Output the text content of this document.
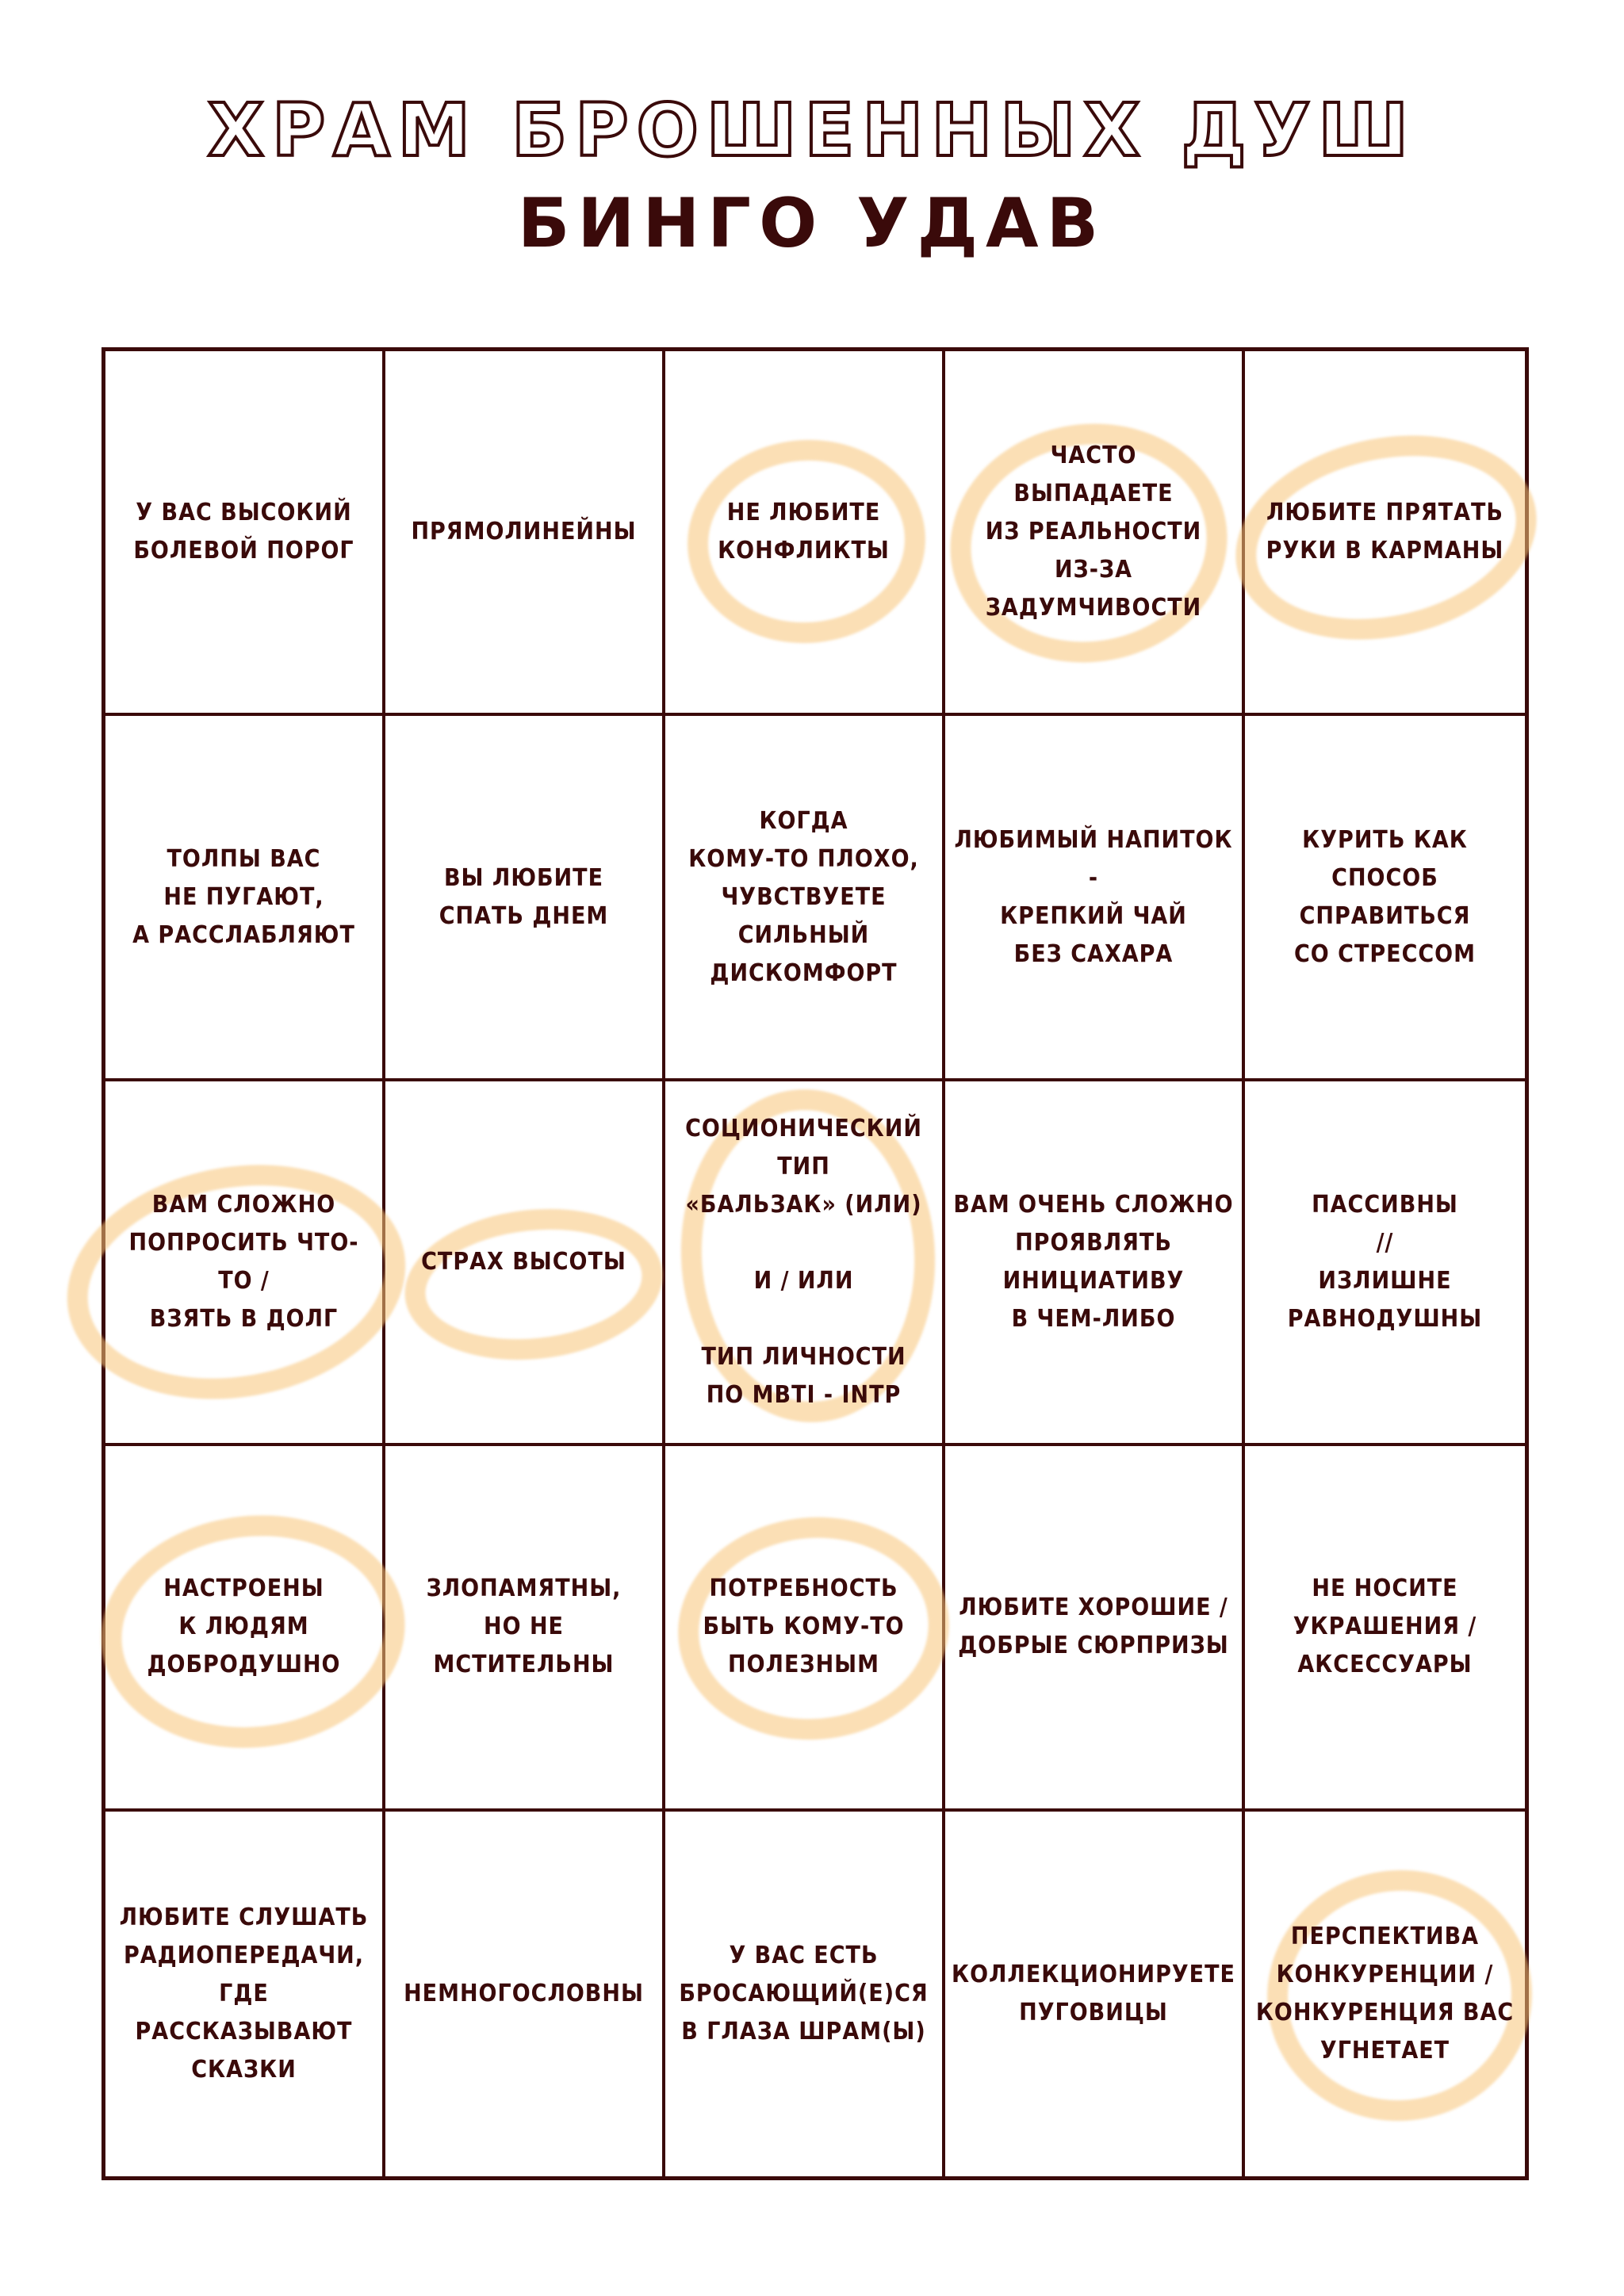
ХРАМ БРОШЕННЫХ ДУШ
БИНГО УДАВ
У ВАС ВЫСОКИЙ
БОЛЕВОЙ ПОРОГ
ПРЯМОЛИНЕЙНЫ
НЕ ЛЮБИТЕ
КОНФЛИКТЫ
ЧАСТО
ВЫПАДАЕТЕ
ИЗ РЕАЛЬНОСТИ
ИЗ-ЗА ЗАДУМЧИВОСТИ
ЛЮБИТЕ ПРЯТАТЬ
РУКИ В КАРМАНЫ
ТОЛПЫ ВАС
НЕ ПУГАЮТ,
А РАССЛАБЛЯЮТ
ВЫ ЛЮБИТЕ
СПАТЬ ДНЕМ
КОГДА
КОМУ-ТО ПЛОХО,
ЧУВСТВУЕТЕ
СИЛЬНЫЙ
ДИСКОМФОРТ
ЛЮБИМЫЙ НАПИТОК -
КРЕПКИЙ ЧАЙ
БЕЗ САХАРА
КУРИТЬ КАК СПОСОБ
СПРАВИТЬСЯ
СО СТРЕССОМ
ВАМ СЛОЖНО
ПОПРОСИТЬ ЧТО-ТО /
ВЗЯТЬ В ДОЛГ
СТРАХ ВЫСОТЫ
СОЦИОНИЧЕСКИЙ ТИП
«БАЛЬЗАК» (ИЛИ)

И / ИЛИ

ТИП ЛИЧНОСТИ
ПО MBTI - INTP
ВАМ ОЧЕНЬ СЛОЖНО
ПРОЯВЛЯТЬ
ИНИЦИАТИВУ
В ЧЕМ-ЛИБО
ПАССИВНЫ
//
ИЗЛИШНЕ
РАВНОДУШНЫ
НАСТРОЕНЫ
К ЛЮДЯМ
ДОБРОДУШНО
ЗЛОПАМЯТНЫ,
НО НЕ МСТИТЕЛЬНЫ
ПОТРЕБНОСТЬ
БЫТЬ КОМУ-ТО
ПОЛЕЗНЫМ
ЛЮБИТЕ ХОРОШИЕ /
ДОБРЫЕ СЮРПРИЗЫ
НЕ НОСИТЕ
УКРАШЕНИЯ /
АКСЕССУАРЫ
ЛЮБИТЕ СЛУШАТЬ
РАДИОПЕРЕДАЧИ,
ГДЕ РАССКАЗЫВАЮТ
СКАЗКИ
НЕМНОГОСЛОВНЫ
У ВАС ЕСТЬ
БРОСАЮЩИЙ(Е)СЯ
В ГЛАЗА ШРАМ(Ы)
КОЛЛЕКЦИОНИРУЕТЕ
ПУГОВИЦЫ
ПЕРСПЕКТИВА
КОНКУРЕНЦИИ /
КОНКУРЕНЦИЯ ВАС
УГНЕТАЕТ
